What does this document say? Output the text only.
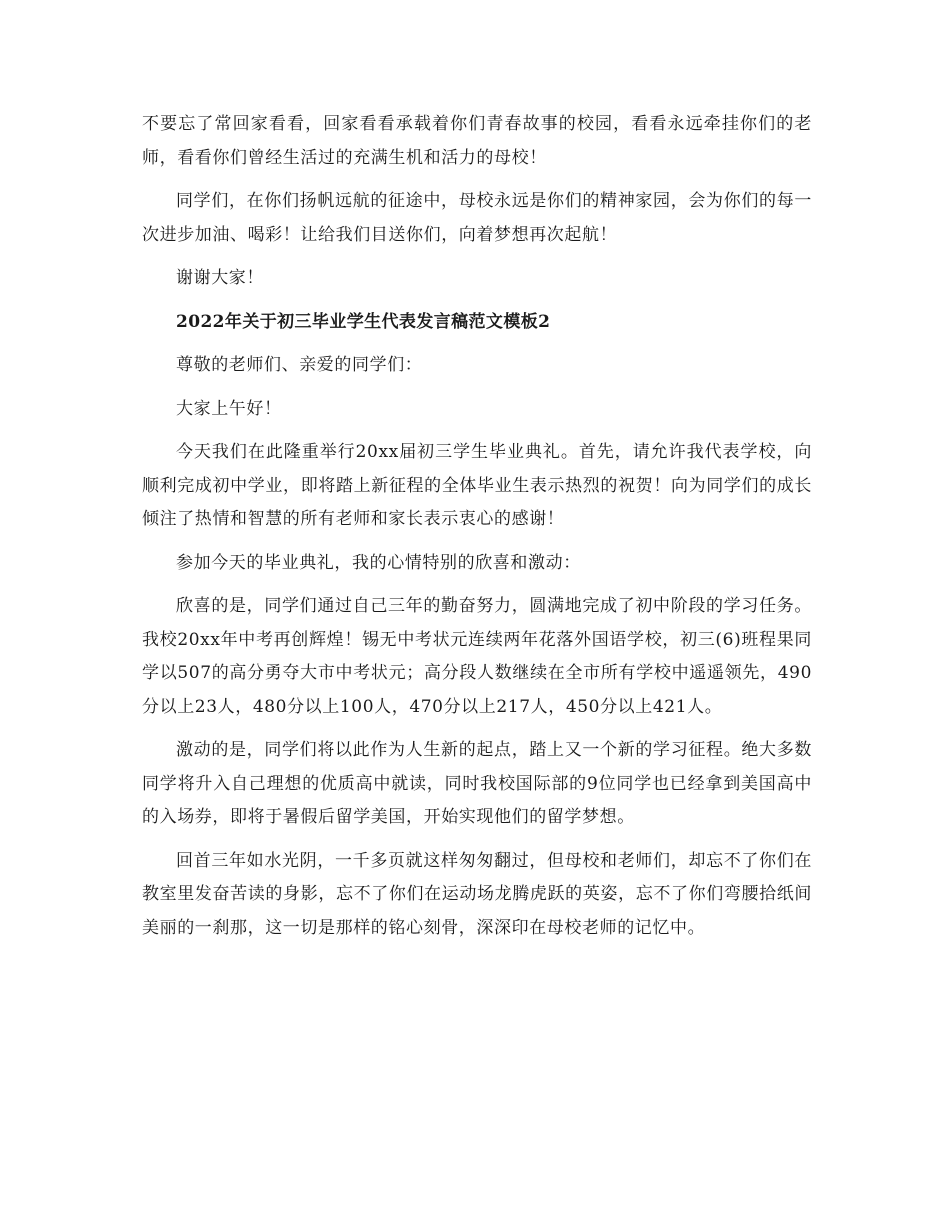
不要忘了常回家看看，回家看看承载着你们青春故事的校园，看看永远牵挂你们的老师，看看你们曾经生活过的充满生机和活力的母校！

同学们，在你们扬帆远航的征途中，母校永远是你们的精神家园，会为你们的每一次进步加油、喝彩！让给我们目送你们，向着梦想再次起航！

谢谢大家！

2022年关于初三毕业学生代表发言稿范文模板2

尊敬的老师们、亲爱的同学们：

大家上午好！

今天我们在此隆重举行20xx届初三学生毕业典礼。首先，请允许我代表学校，向顺利完成初中学业，即将踏上新征程的全体毕业生表示热烈的祝贺！向为同学们的成长倾注了热情和智慧的所有老师和家长表示衷心的感谢！

参加今天的毕业典礼，我的心情特别的欣喜和激动：

欣喜的是，同学们通过自己三年的勤奋努力，圆满地完成了初中阶段的学习任务。我校20xx年中考再创辉煌！锡无中考状元连续两年花落外国语学校，初三(6)班程果同学以507的高分勇夺大市中考状元；高分段人数继续在全市所有学校中遥遥领先，490分以上23人，480分以上100人，470分以上217人，450分以上421人。

激动的是，同学们将以此作为人生新的起点，踏上又一个新的学习征程。绝大多数同学将升入自己理想的优质高中就读，同时我校国际部的9位同学也已经拿到美国高中的入场券，即将于暑假后留学美国，开始实现他们的留学梦想。

回首三年如水光阴，一千多页就这样匆匆翻过，但母校和老师们，却忘不了你们在教室里发奋苦读的身影，忘不了你们在运动场龙腾虎跃的英姿，忘不了你们弯腰拾纸间美丽的一刹那，这一切是那样的铭心刻骨，深深印在母校老师的记忆中。
